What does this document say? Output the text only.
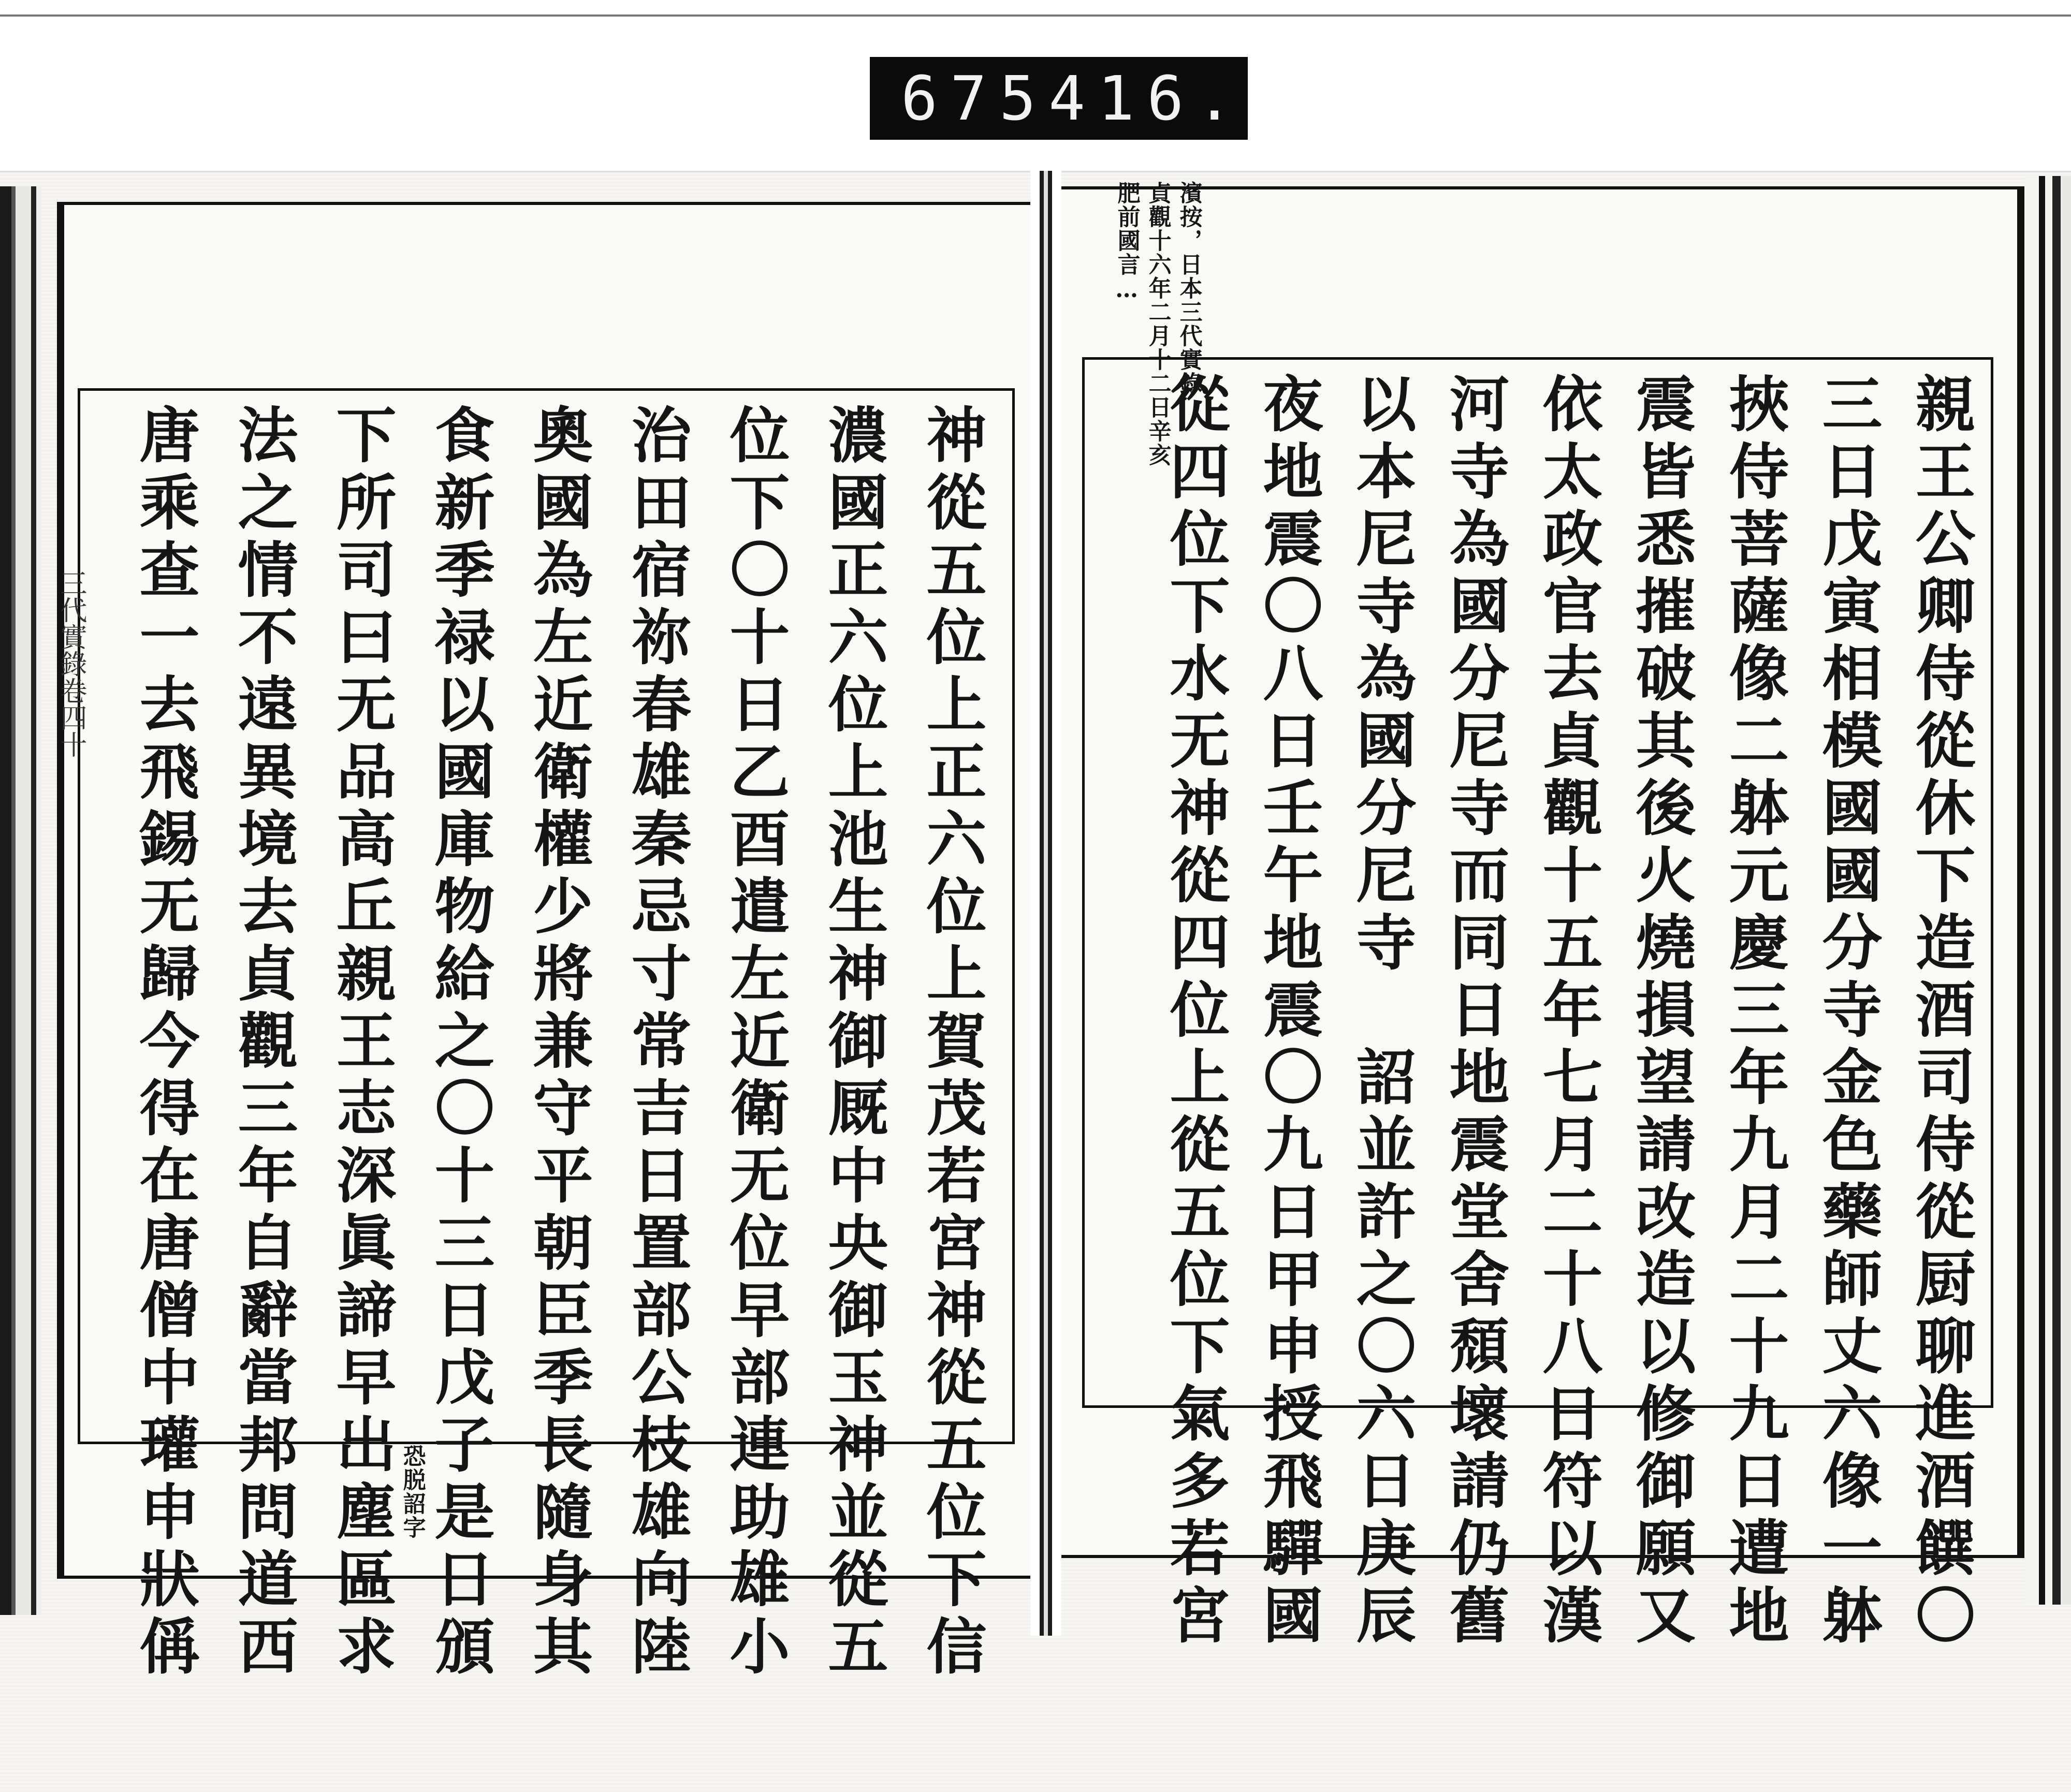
675 416.
肥前國言… 貞觀十六年二月十二日辛亥 濱按，日本三代實錄
親王公卿侍從休下造酒司侍從厨聊進酒饌〇
三日戊寅相模國國分寺金色藥師丈六像一躰
挾侍菩薩像二躰元慶三年九月二十九日遭地
震皆悉摧破其後火燒損望請改造以修御願又
依太政官去貞觀十五年七月二十八日符以漢
河寺為國分尼寺而同日地震堂舍頹壞請仍舊
以本尼寺為國分尼寺　詔並許之〇六日庚辰
夜地震〇八日壬午地震〇九日甲申授飛驒國
從四位下水无神從四位上從五位下氣多若宮
神從五位上正六位上賀茂若宮神從五位下信
濃國正六位上池生神御厩中央御玉神並從五
位下〇十日乙酉遣左近衛无位早部連助雄小
治田宿祢春雄秦忌寸常吉日置部公枝雄向陸
奧國為左近衛權少將兼守平朝臣季長隨身其
食新季禄以國庫物給之〇十三日戊子是日頒
下所司曰无品高丘親王志深眞諦早出塵區求
法之情不遠異境去貞觀三年自辭當邦問道西
唐乘查一去飛錫无歸今得在唐僧中瓘申狀偁	恐脱詔字
三代實錄卷四十
